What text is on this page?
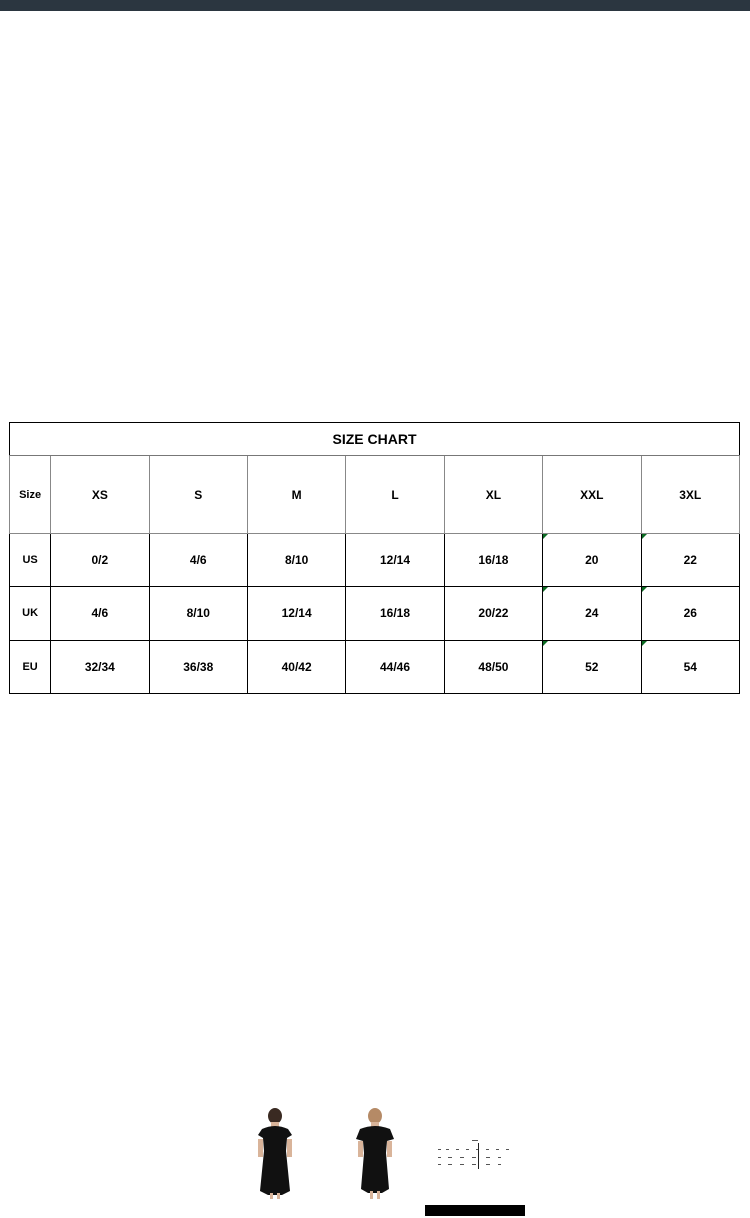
SIZE CHART							
Size	XS	S	M	L	XL	XXL	3XL
US	0/2	4/6	8/10	12/14	16/18	20	22
UK	4/6	8/10	12/14	16/18	20/22	24	26
EU	32/34	36/38	40/42	44/46	48/50	52	54
